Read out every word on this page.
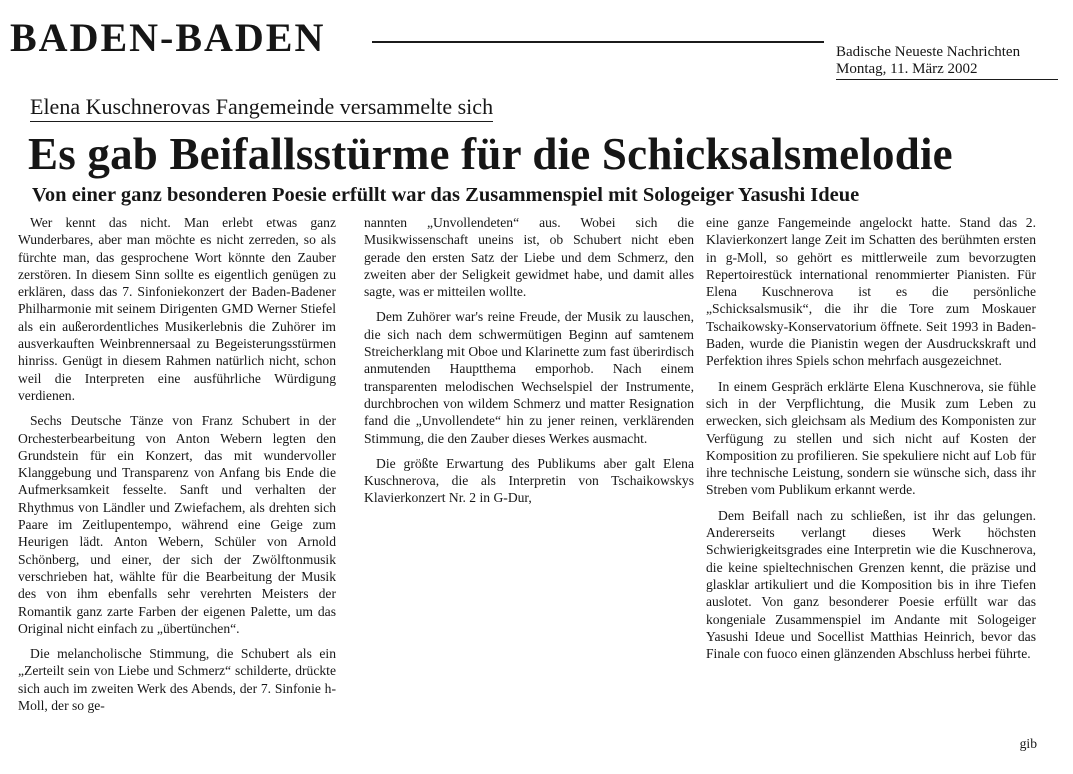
BADEN-BADEN	Badische Neueste Nachrichten
Montag, 11. März 2002
Elena Kuschnerovas Fangemeinde versammelte sich
Es gab Beifallsstürme für die Schicksalsmelodie
Von einer ganz besonderen Poesie erfüllt war das Zusammenspiel mit Sologeiger Yasushi Ideue

Wer kennt das nicht. Man erlebt etwas ganz Wunderbares, aber man möchte es nicht zerreden, so als fürchte man, das gesprochene Wort könnte den Zauber zerstören. In diesem Sinn sollte es eigentlich genügen zu erklären, dass das 7. Sinfoniekonzert der Baden-Badener Philharmonie mit seinem Dirigenten GMD Werner Stiefel als ein außerordentliches Musikerlebnis die Zuhörer im ausverkauften Weinbrennersaal zu Begeisterungsstürmen hinriss. Genügt in diesem Rahmen natürlich nicht, schon weil die Interpreten eine ausführliche Würdigung verdienen.

Sechs Deutsche Tänze von Franz Schubert in der Orchesterbearbeitung von Anton Webern legten den Grundstein für ein Konzert, das mit wundervoller Klanggebung und Transparenz von Anfang bis Ende die Aufmerksamkeit fesselte. Sanft und verhalten der Rhythmus von Ländler und Zwiefachem, als drehten sich Paare im Zeitlupentempo, während eine Geige zum Heurigen lädt. Anton Webern, Schüler von Arnold Schönberg, und einer, der sich der Zwölftonmusik verschrieben hat, wählte für die Bearbeitung der Musik des von ihm ebenfalls sehr verehrten Meisters der Romantik ganz zarte Farben der eigenen Palette, um das Original nicht einfach zu „übertünchen“.

Die melancholische Stimmung, die Schubert als ein „Zerteilt sein von Liebe und Schmerz“ schilderte, drückte sich auch im zweiten Werk des Abends, der 7. Sinfonie h-Moll, der so ge-

nannten „Unvollendeten“ aus. Wobei sich die Musikwissenschaft uneins ist, ob Schubert nicht eben gerade den ersten Satz der Liebe und dem Schmerz, den zweiten aber der Seligkeit gewidmet habe, und damit alles sagte, was er mitteilen wollte.

Dem Zuhörer war's reine Freude, der Musik zu lauschen, die sich nach dem schwermütigen Beginn auf samtenem Streicherklang mit Oboe und Klarinette zum fast überirdisch anmutenden Hauptthema emporhob. Nach einem transparenten melodischen Wechselspiel der Instrumente, durchbrochen von wildem Schmerz und matter Resignation fand die „Unvollendete“ hin zu jener reinen, verklärenden Stimmung, die den Zauber dieses Werkes ausmacht.

Die größte Erwartung des Publikums aber galt Elena Kuschnerova, die als Interpretin von Tschaikowskys Klavierkonzert Nr. 2 in G-Dur,

eine ganze Fangemeinde angelockt hatte. Stand das 2. Klavierkonzert lange Zeit im Schatten des berühmten ersten in g-Moll, so gehört es mittlerweile zum bevorzugten Repertoirestück international renommierter Pianisten. Für Elena Kuschnerova ist es die persönliche „Schicksalsmusik“, die ihr die Tore zum Moskauer Tschaikowsky-Konservatorium öffnete. Seit 1993 in Baden-Baden, wurde die Pianistin wegen der Ausdruckskraft und Perfektion ihres Spiels schon mehrfach ausgezeichnet.

In einem Gespräch erklärte Elena Kuschnerova, sie fühle sich in der Verpflichtung, die Musik zum Leben zu erwecken, sich gleichsam als Medium des Komponisten zur Verfügung zu stellen und sich nicht auf Kosten der Komposition zu profilieren. Sie spekuliere nicht auf Lob für ihre technische Leistung, sondern sie wünsche sich, dass ihr Streben vom Publikum erkannt werde.

Dem Beifall nach zu schließen, ist ihr das gelungen. Andererseits verlangt dieses Werk höchsten Schwierigkeitsgrades eine Interpretin wie die Kuschnerova, die keine spieltechnischen Grenzen kennt, die präzise und glasklar artikuliert und die Komposition bis in ihre Tiefen auslotet. Von ganz besonderer Poesie erfüllt war das kongeniale Zusammenspiel im Andante mit Sologeiger Yasushi Ideue und Socellist Matthias Heinrich, bevor das Finale con fuoco einen glänzenden Abschluss herbei führte.

gib
